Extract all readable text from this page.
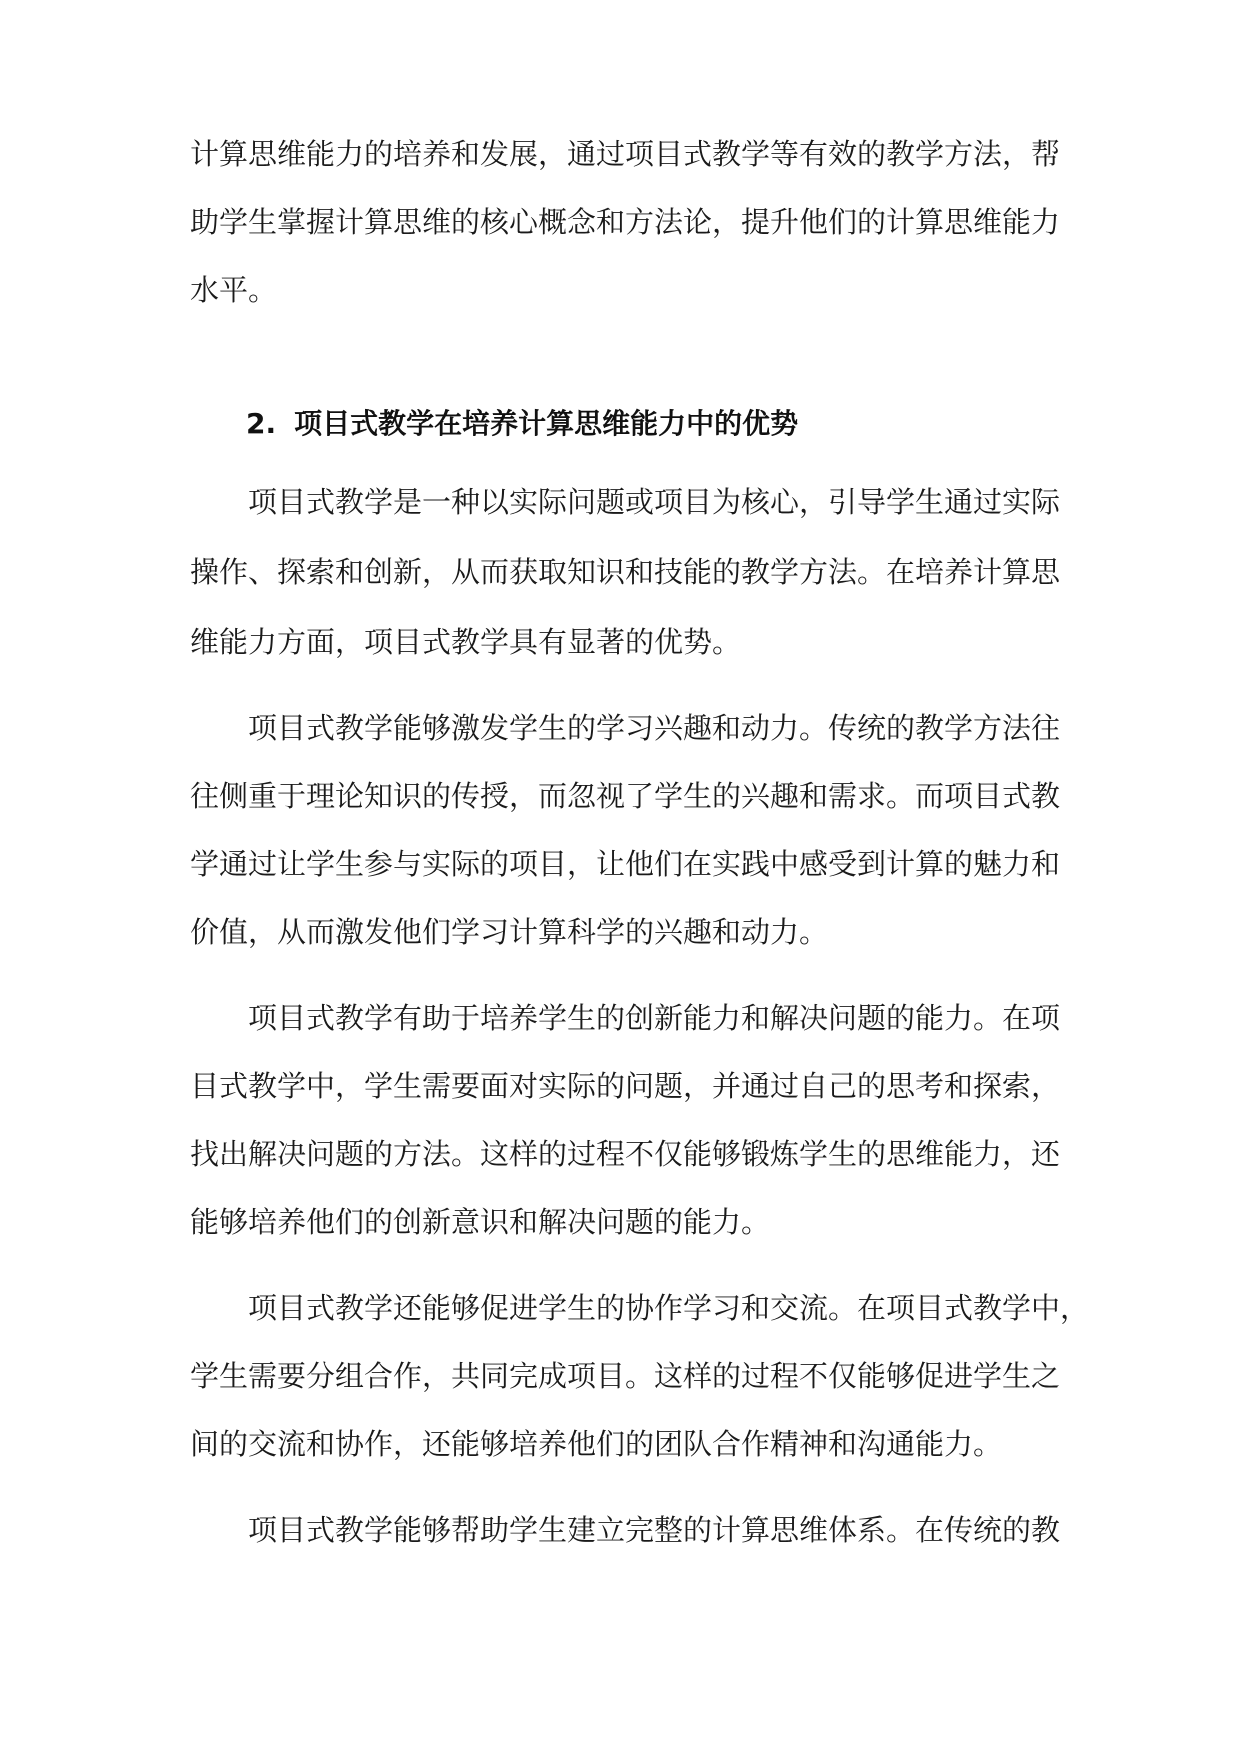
计算思维能力的培养和发展，通过项目式教学等有效的教学方法，帮

助学生掌握计算思维的核心概念和方法论，提升他们的计算思维能力

水平。

2. 项目式教学在培养计算思维能力中的优势

项目式教学是一种以实际问题或项目为核心，引导学生通过实际

操作、探索和创新，从而获取知识和技能的教学方法。在培养计算思

维能力方面，项目式教学具有显著的优势。

项目式教学能够激发学生的学习兴趣和动力。传统的教学方法往

往侧重于理论知识的传授，而忽视了学生的兴趣和需求。而项目式教

学通过让学生参与实际的项目，让他们在实践中感受到计算的魅力和

价值，从而激发他们学习计算科学的兴趣和动力。

项目式教学有助于培养学生的创新能力和解决问题的能力。在项

目式教学中，学生需要面对实际的问题，并通过自己的思考和探索，

找出解决问题的方法。这样的过程不仅能够锻炼学生的思维能力，还

能够培养他们的创新意识和解决问题的能力。

项目式教学还能够促进学生的协作学习和交流。在项目式教学中，

学生需要分组合作，共同完成项目。这样的过程不仅能够促进学生之

间的交流和协作，还能够培养他们的团队合作精神和沟通能力。

项目式教学能够帮助学生建立完整的计算思维体系。在传统的教
